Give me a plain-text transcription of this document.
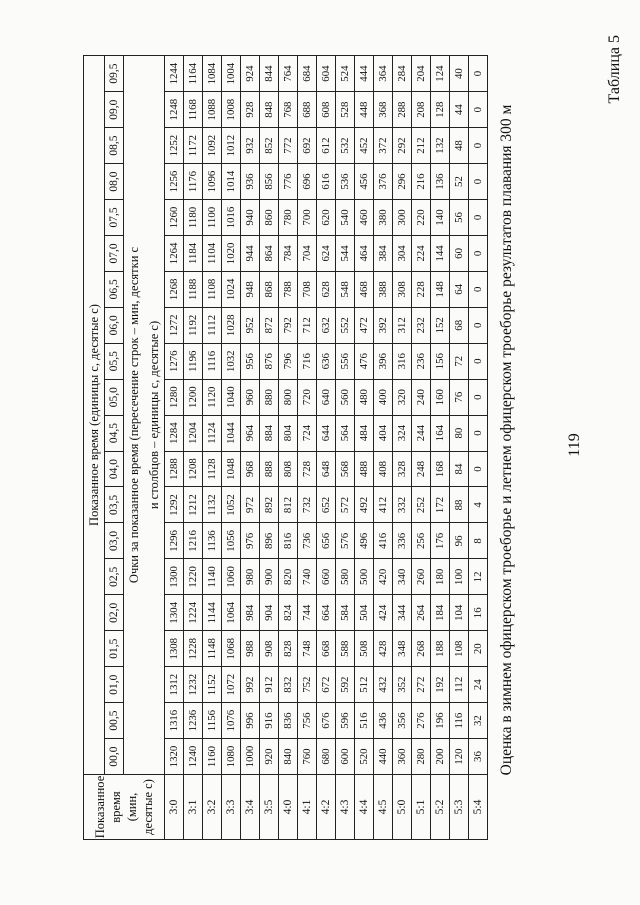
119
Таблица 5
Оценка в зимнем офицерском троеборье и летнем офицерском троеборье результатов плавания 300 м
Показанное время (мин, десятые с)	Показанное время (единицы с, десятые с)																			
	00,0	00,5	01,0	01,5	02,0	02,5	03,0	03,5	04,0	04,5	05,0	05,5	06,0	06,5	07,0	07,5	08,0	08,5	09,0	09,5
	Очки за показанное время (пересечение строк – мин, десятки с																			
	и столбцов – единицы с, десятые с)																			
3:0	1320	1316	1312	1308	1304	1300	1296	1292	1288	1284	1280	1276	1272	1268	1264	1260	1256	1252	1248	1244
3:1	1240	1236	1232	1228	1224	1220	1216	1212	1208	1204	1200	1196	1192	1188	1184	1180	1176	1172	1168	1164
3:2	1160	1156	1152	1148	1144	1140	1136	1132	1128	1124	1120	1116	1112	1108	1104	1100	1096	1092	1088	1084
3:3	1080	1076	1072	1068	1064	1060	1056	1052	1048	1044	1040	1032	1028	1024	1020	1016	1014	1012	1008	1004
3:4	1000	996	992	988	984	980	976	972	968	964	960	956	952	948	944	940	936	932	928	924
3:5	920	916	912	908	904	900	896	892	888	884	880	876	872	868	864	860	856	852	848	844
4:0	840	836	832	828	824	820	816	812	808	804	800	796	792	788	784	780	776	772	768	764
4:1	760	756	752	748	744	740	736	732	728	724	720	716	712	708	704	700	696	692	688	684
4:2	680	676	672	668	664	660	656	652	648	644	640	636	632	628	624	620	616	612	608	604
4:3	600	596	592	588	584	580	576	572	568	564	560	556	552	548	544	540	536	532	528	524
4:4	520	516	512	508	504	500	496	492	488	484	480	476	472	468	464	460	456	452	448	444
4:5	440	436	432	428	424	420	416	412	408	404	400	396	392	388	384	380	376	372	368	364
5:0	360	356	352	348	344	340	336	332	328	324	320	316	312	308	304	300	296	292	288	284
5:1	280	276	272	268	264	260	256	252	248	244	240	236	232	228	224	220	216	212	208	204
5:2	200	196	192	188	184	180	176	172	168	164	160	156	152	148	144	140	136	132	128	124
5:3	120	116	112	108	104	100	96	88	84	80	76	72	68	64	60	56	52	48	44	40
5:4	36	32	24	20	16	12	8	4	0	0	0	0	0	0	0	0	0	0	0	0
